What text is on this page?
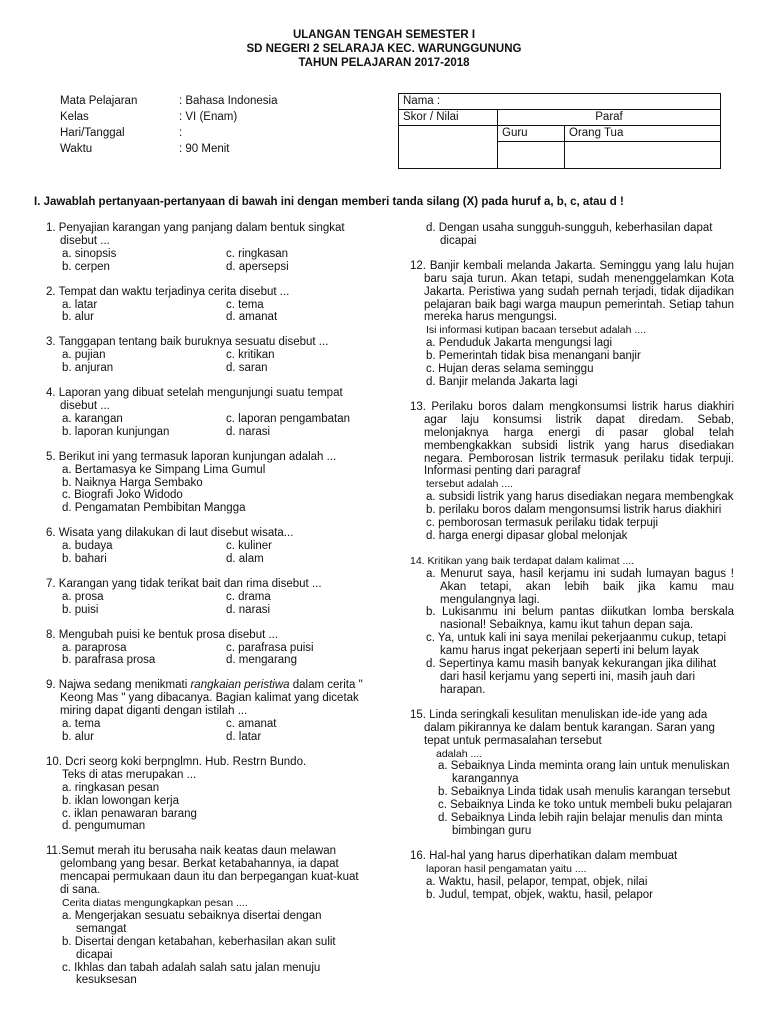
ULANGAN TENGAH SEMESTER I
SD NEGERI 2 SELARAJA KEC. WARUNGGUNUNG
TAHUN PELAJARAN 2017-2018
Mata Pelajaran	: Bahasa Indonesia
Kelas	: VI (Enam)
Hari/Tanggal	:
Waktu	: 90 Menit
Nama :		
Skor / Nilai	Paraf	
	Guru	Orang Tua

I. Jawablah pertanyaan-pertanyaan di bawah ini dengan memberi tanda silang (X) pada huruf a, b, c, atau d !

1. Penyajian karangan yang panjang dalam bentuk singkat disebut ...

a. sinopsis	c. ringkasan
b. cerpen	d. apersepsi

2. Tempat dan waktu terjadinya cerita disebut ...

a. latar	c. tema
b. alur	d. amanat

3. Tanggapan tentang baik buruknya sesuatu disebut ...

a. pujian	c. kritikan
b. anjuran	d. saran

4. Laporan yang dibuat setelah mengunjungi suatu tempat disebut ...

a. karangan	c. laporan pengambatan
b. laporan kunjungan	d. narasi

5. Berikut ini yang termasuk laporan kunjungan adalah ...

a. Bertamasya ke Simpang Lima Gumul
b. Naiknya Harga Sembako
c. Biografi Joko Widodo
d. Pengamatan Pembibitan Mangga

6. Wisata yang dilakukan di laut disebut wisata...

a. budaya	c. kuliner
b. bahari	d. alam

7. Karangan yang tidak terikat bait dan rima disebut ...

a. prosa	c. drama
b. puisi	d. narasi

8. Mengubah puisi ke bentuk prosa disebut ...

a. paraprosa	c. parafrasa puisi
b. parafrasa prosa	d. mengarang

9. Najwa sedang menikmati rangkaian peristiwa dalam cerita " Keong Mas " yang dibacanya. Bagian kalimat yang dicetak miring dapat diganti dengan istilah ...

a. tema	c. amanat
b. alur	d. latar

10. Dcri seorg koki berpnglmn. Hub. Restrn Bundo.

Teks di atas merupakan ...

a. ringkasan pesan
b. iklan lowongan kerja
c. iklan penawaran barang
d. pengumuman

11.Semut merah itu berusaha naik keatas daun melawan gelombang yang besar. Berkat ketabahannya, ia dapat mencapai permukaan daun itu dan berpegangan kuat-kuat di sana.

Cerita diatas mengungkapkan pesan ....

a. Mengerjakan sesuatu sebaiknya disertai dengan semangat
b. Disertai dengan ketabahan, keberhasilan akan sulit dicapai
c. Ikhlas dan tabah adalah salah satu jalan menuju kesuksesan
d. Dengan usaha sungguh-sungguh, keberhasilan dapat dicapai

12. Banjir kembali melanda Jakarta. Seminggu yang lalu hujan baru saja turun. Akan tetapi, sudah menenggelamkan Kota Jakarta. Peristiwa yang sudah pernah terjadi, tidak dijadikan pelajaran baik bagi warga maupun pemerintah. Setiap tahun mereka harus mengungsi.

Isi informasi kutipan bacaan tersebut adalah ....

a. Penduduk Jakarta mengungsi lagi
b. Pemerintah tidak bisa menangani banjir
c. Hujan deras selama seminggu
d. Banjir melanda Jakarta lagi

13. Perilaku boros dalam mengkonsumsi listrik harus diakhiri agar laju konsumsi listrik dapat diredam. Sebab, melonjaknya harga energi di pasar global telah membengkakkan subsidi listrik yang harus disediakan negara. Pemborosan listrik termasuk perilaku tidak terpuji. Informasi penting dari paragraf

tersebut adalah ....

a. subsidi listrik yang harus disediakan negara membengkak
b. perilaku boros dalam mengonsumsi listrik harus diakhiri
c. pemborosan termasuk perilaku tidak terpuji
d. harga energi dipasar global melonjak

14. Kritikan yang baik terdapat dalam kalimat ....

a. Menurut saya, hasil kerjamu ini sudah lumayan bagus ! Akan tetapi, akan lebih baik jika kamu mau mengulangnya lagi.
b. Lukisanmu ini belum pantas diikutkan lomba berskala nasional! Sebaiknya, kamu ikut tahun depan saja.
c. Ya, untuk kali ini saya menilai pekerjaanmu cukup, tetapi kamu harus ingat pekerjaan seperti ini belum layak
d. Sepertinya kamu masih banyak kekurangan jika dilihat dari hasil kerjamu yang seperti ini, masih jauh dari harapan.

15. Linda seringkali kesulitan menuliskan ide-ide yang ada dalam pikirannya ke dalam bentuk karangan. Saran yang tepat untuk permasalahan tersebut

adalah ....

a. Sebaiknya Linda meminta orang lain untuk menuliskan karangannya
b. Sebaiknya Linda tidak usah menulis karangan tersebut
c. Sebaiknya Linda ke toko untuk membeli buku pelajaran
d. Sebaiknya Linda lebih rajin belajar menulis dan minta bimbingan guru

16. Hal-hal yang harus diperhatikan dalam membuat

laporan hasil pengamatan yaitu ....

a. Waktu, hasil, pelapor, tempat, objek, nilai
b. Judul, tempat, objek, waktu, hasil, pelapor
